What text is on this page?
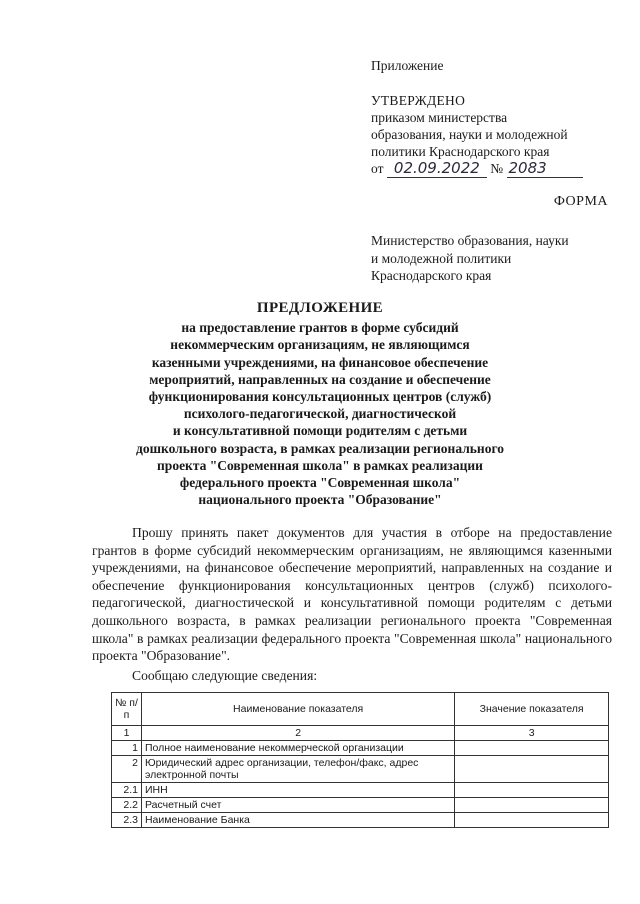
Приложение
УТВЕРЖДЕНО
приказом министерства
образования, науки и молодежной
политики Краснодарского края
от 02.09.2022 № 2083
ФОРМА
Министерство образования, науки
и молодежной политики
Краснодарского края
ПРЕДЛОЖЕНИЕ
на предоставление грантов в форме субсидий
некоммерческим организациям, не являющимся
казенными учреждениями, на финансовое обеспечение
мероприятий, направленных на создание и обеспечение
функционирования консультационных центров (служб)
психолого-педагогической, диагностической
и консультативной помощи родителям с детьми
дошкольного возраста, в рамках реализации регионального
проекта "Современная школа" в рамках реализации
федерального проекта "Современная школа"
национального проекта "Образование"

Прошу принять пакет документов для участия в отборе на предоставление грантов в форме субсидий некоммерческим организациям, не являющимся казенными учреждениями, на финансовое обеспечение мероприятий, направленных на создание и обеспечение функционирования консультационных центров (служб) психолого-педагогической, диагностической и консультативной помощи родителям с детьми дошкольного возраста, в рамках реализации регионального проекта "Современная школа" в рамках реализации федерального проекта "Современная школа" национального проекта "Образование".

Сообщаю следующие сведения:

№ п/п	Наименование показателя	Значение показателя
1	2	3
1	Полное наименование некоммерческой организации	
2	Юридический адрес организации, телефон/факс, адрес электронной почты	
2.1	ИНН	
2.2	Расчетный счет	
2.3	Наименование Банка	
